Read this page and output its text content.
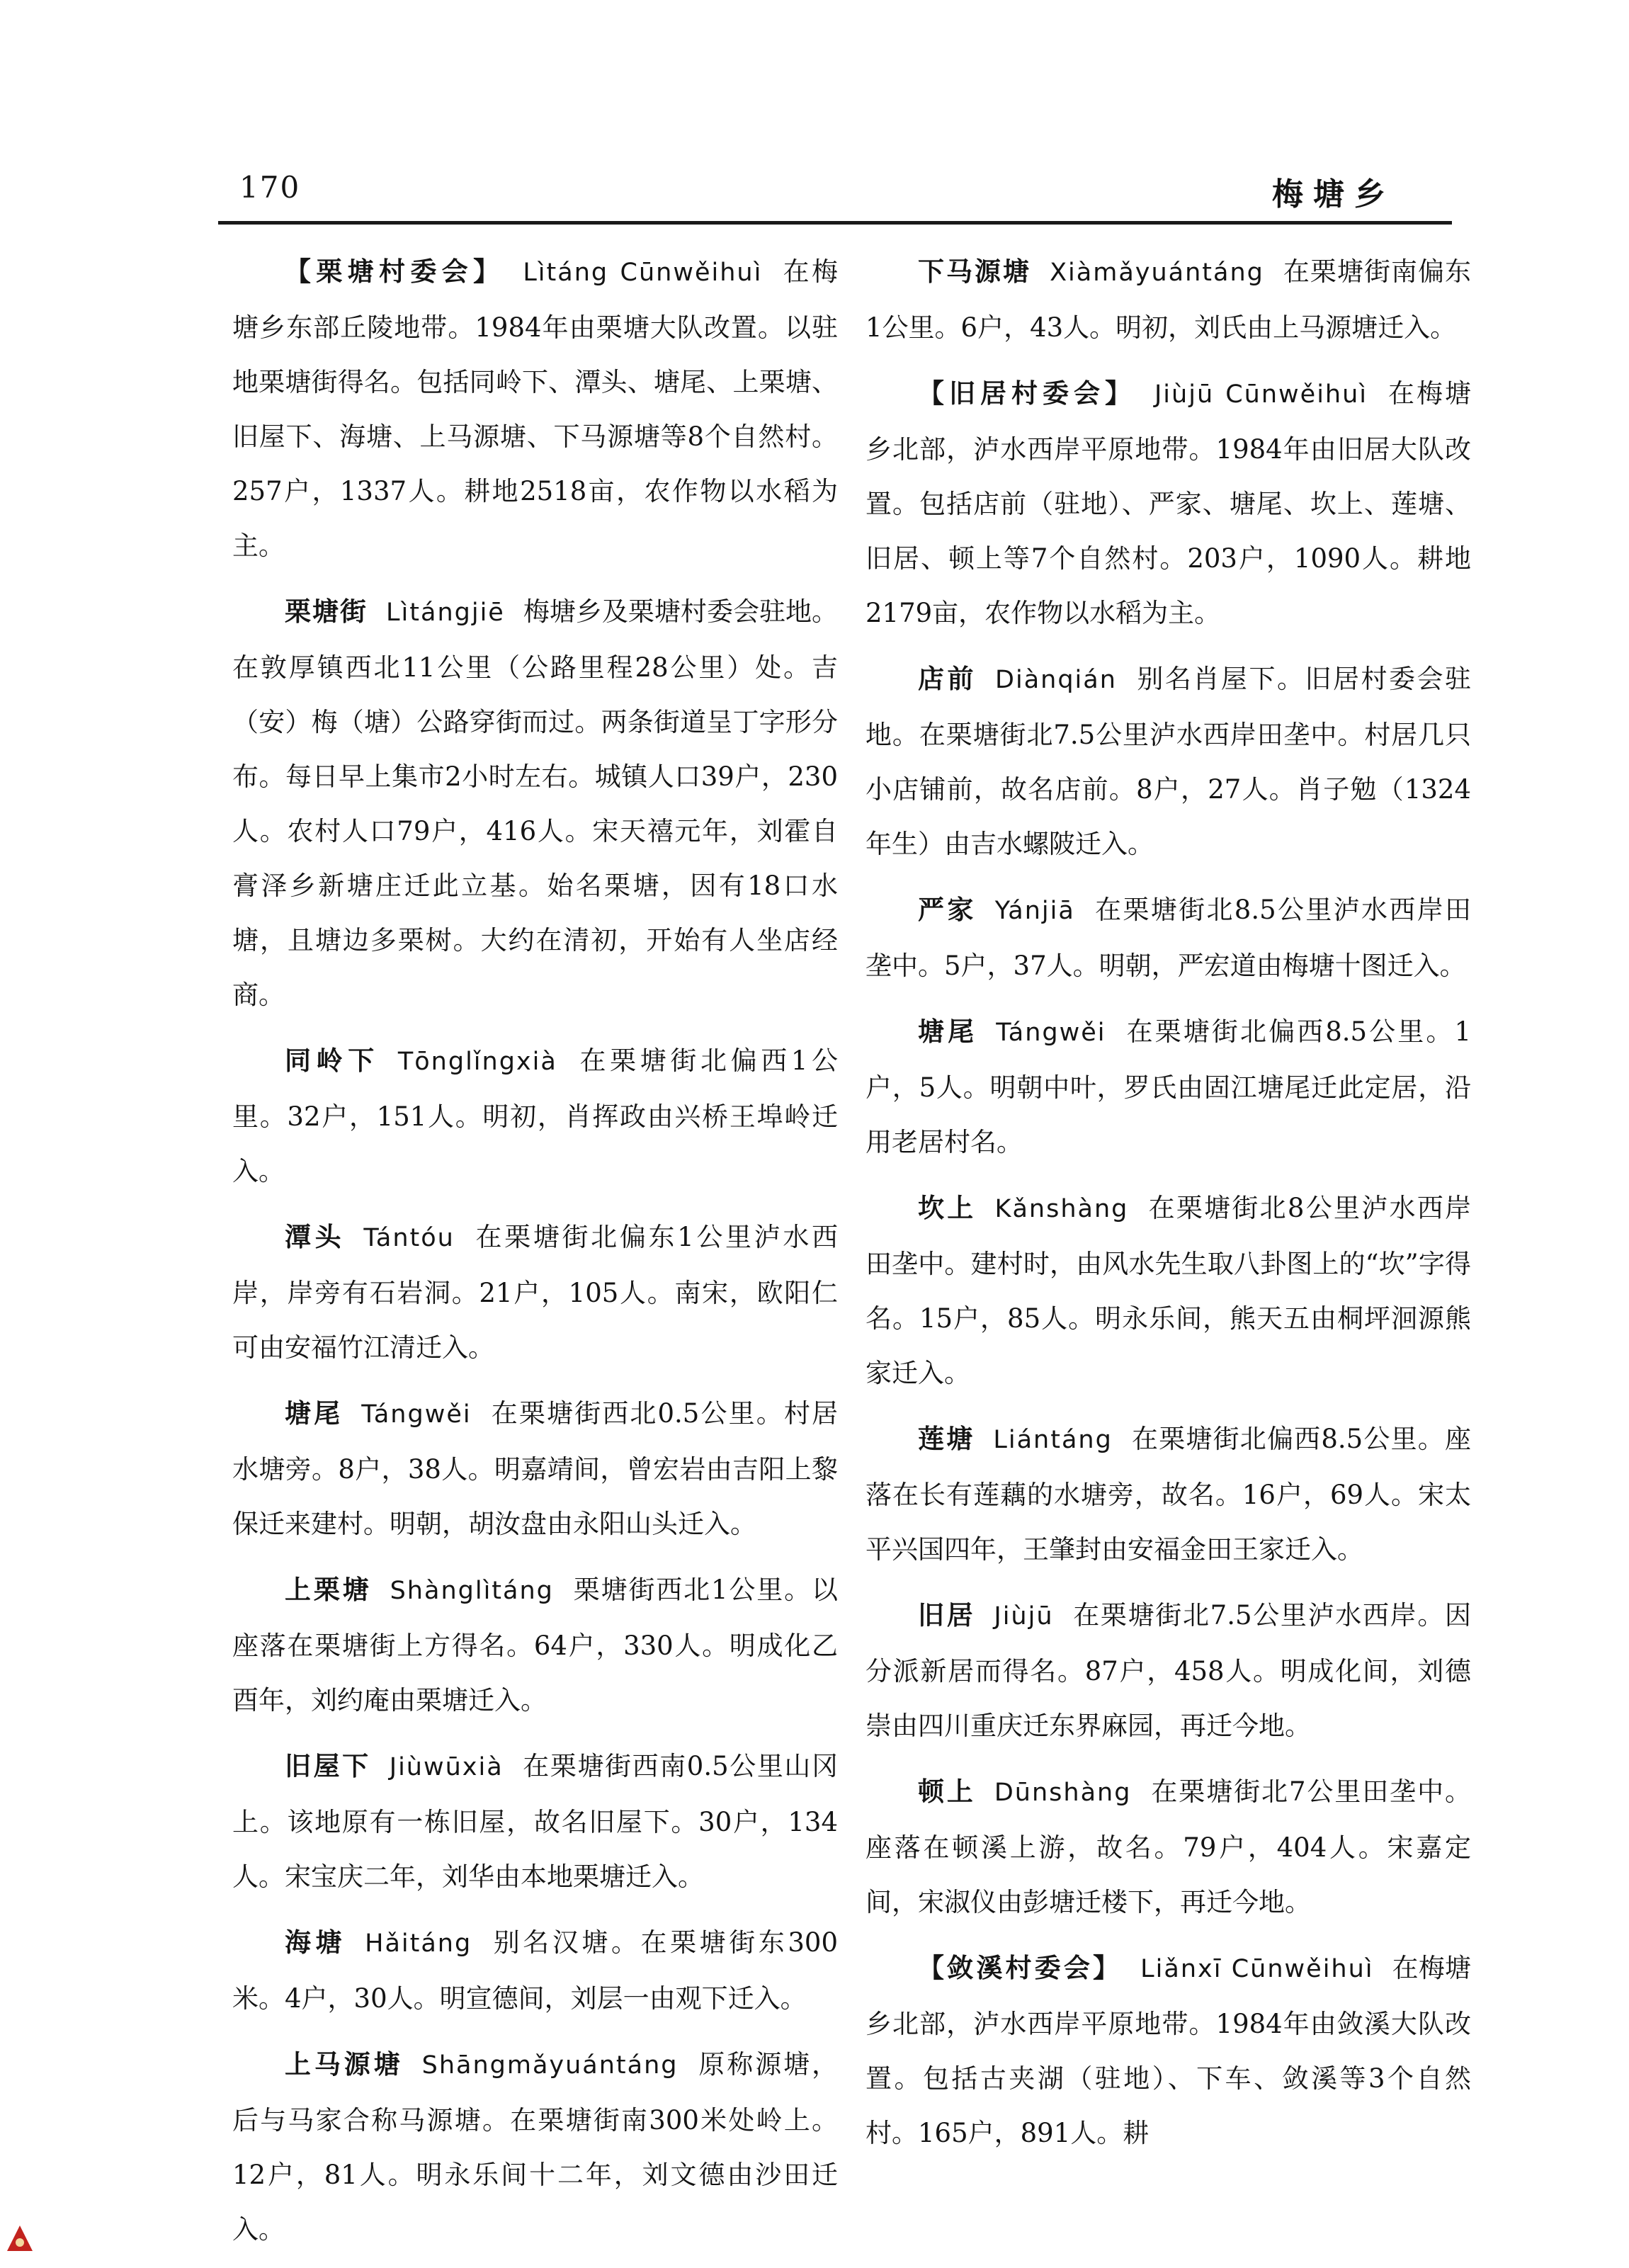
170	梅塘乡

【栗塘村委会】 Lìtáng Cūnwěihuì 在梅塘乡东部丘陵地带。1984年由栗塘大队改置。以驻地栗塘街得名。包括同岭下、潭头、塘尾、上栗塘、旧屋下、海塘、上马源塘、下马源塘等8个自然村。257户，1337人。耕地2518亩，农作物以水稻为主。

栗塘街 Lìtángjiē 梅塘乡及栗塘村委会驻地。在敦厚镇西北11公里（公路里程28公里）处。吉（安）梅（塘）公路穿街而过。两条街道呈丁字形分布。每日早上集市2小时左右。城镇人口39户，230人。农村人口79户，416人。宋天禧元年，刘霍自膏泽乡新塘庄迁此立基。始名栗塘，因有18口水塘，且塘边多栗树。大约在清初，开始有人坐店经商。

同岭下 Tōnglǐngxià 在栗塘街北偏西1公里。32户，151人。明初，肖挥政由兴桥王埠岭迁入。

潭头 Tántóu 在栗塘街北偏东1公里泸水西岸，岸旁有石岩洞。21户，105人。南宋，欧阳仁可由安福竹江清迁入。

塘尾 Tángwěi 在栗塘街西北0.5公里。村居水塘旁。8户，38人。明嘉靖间，曾宏岩由吉阳上黎保迁来建村。明朝，胡汝盘由永阳山头迁入。

上栗塘 Shànglìtáng 栗塘街西北1公里。以座落在栗塘街上方得名。64户，330人。明成化乙酉年，刘约庵由栗塘迁入。

旧屋下 Jiùwūxià 在栗塘街西南0.5公里山冈上。该地原有一栋旧屋，故名旧屋下。30户，134人。宋宝庆二年，刘华由本地栗塘迁入。

海塘 Hǎitáng 别名汉塘。在栗塘街东300米。4户，30人。明宣德间，刘层一由观下迁入。

上马源塘 Shāngmǎyuántáng 原称源塘，后与马家合称马源塘。在栗塘街南300米处岭上。12户，81人。明永乐间十二年，刘文德由沙田迁入。

下马源塘 Xiàmǎyuántáng 在栗塘街南偏东1公里。6户，43人。明初，刘氏由上马源塘迁入。

【旧居村委会】 Jiùjū Cūnwěihuì 在梅塘乡北部，泸水西岸平原地带。1984年由旧居大队改置。包括店前（驻地）、严家、塘尾、坎上、莲塘、旧居、顿上等7个自然村。203户，1090人。耕地2179亩，农作物以水稻为主。

店前 Diànqián 别名肖屋下。旧居村委会驻地。在栗塘街北7.5公里泸水西岸田垄中。村居几只小店铺前，故名店前。8户，27人。肖子勉（1324年生）由吉水螺陂迁入。

严家 Yánjiā 在栗塘街北8.5公里泸水西岸田垄中。5户，37人。明朝，严宏道由梅塘十图迁入。

塘尾 Tángwěi 在栗塘街北偏西8.5公里。1户，5人。明朝中叶，罗氏由固江塘尾迁此定居，沿用老居村名。

坎上 Kǎnshàng 在栗塘街北8公里泸水西岸田垄中。建村时，由风水先生取八卦图上的“坎”字得名。15户，85人。明永乐间，熊天五由桐坪洄源熊家迁入。

莲塘 Liántáng 在栗塘街北偏西8.5公里。座落在长有莲藕的水塘旁，故名。16户，69人。宋太平兴国四年，王肇封由安福金田王家迁入。

旧居 Jiùjū 在栗塘街北7.5公里泸水西岸。因分派新居而得名。87户，458人。明成化间，刘德崇由四川重庆迁东界麻园，再迁今地。

顿上 Dūnshàng 在栗塘街北7公里田垄中。座落在顿溪上游，故名。79户，404人。宋嘉定间，宋淑仪由彭塘迁楼下，再迁今地。

【敛溪村委会】 Liǎnxī Cūnwěihuì 在梅塘乡北部，泸水西岸平原地带。1984年由敛溪大队改置。包括古夹湖（驻地）、下车、敛溪等3个自然村。165户，891人。耕
